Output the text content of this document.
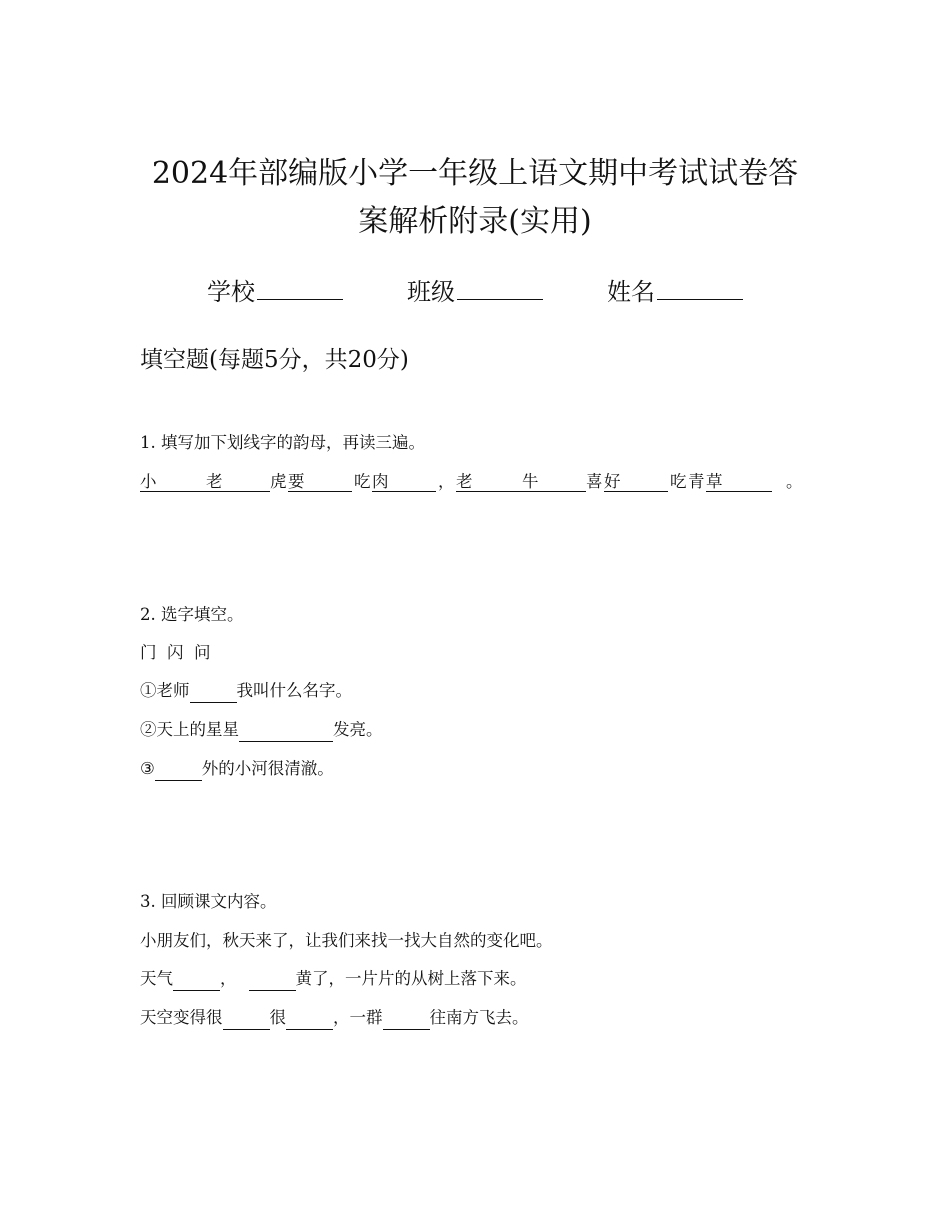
2024年部编版小学一年级上语文期中考试试卷答
案解析附录(实用)
学校	班级	姓名
填空题(每题5分，共20分)
1. 填写加下划线字的韵母，再读三遍。
小	老	虎 要	吃 肉	， 老	牛	喜 好	吃 青 草	。
2. 选字填空。
门  闪  问
①老师	我叫什么名字。
②天上的星星	发亮。
③	外的小河很清澈。
3. 回顾课文内容。
小朋友们，秋天来了，让我们来找一找大自然的变化吧。
天气	，	黄了，一片片的从树上落下来。
天空变得很	很	，一群	往南方飞去。
